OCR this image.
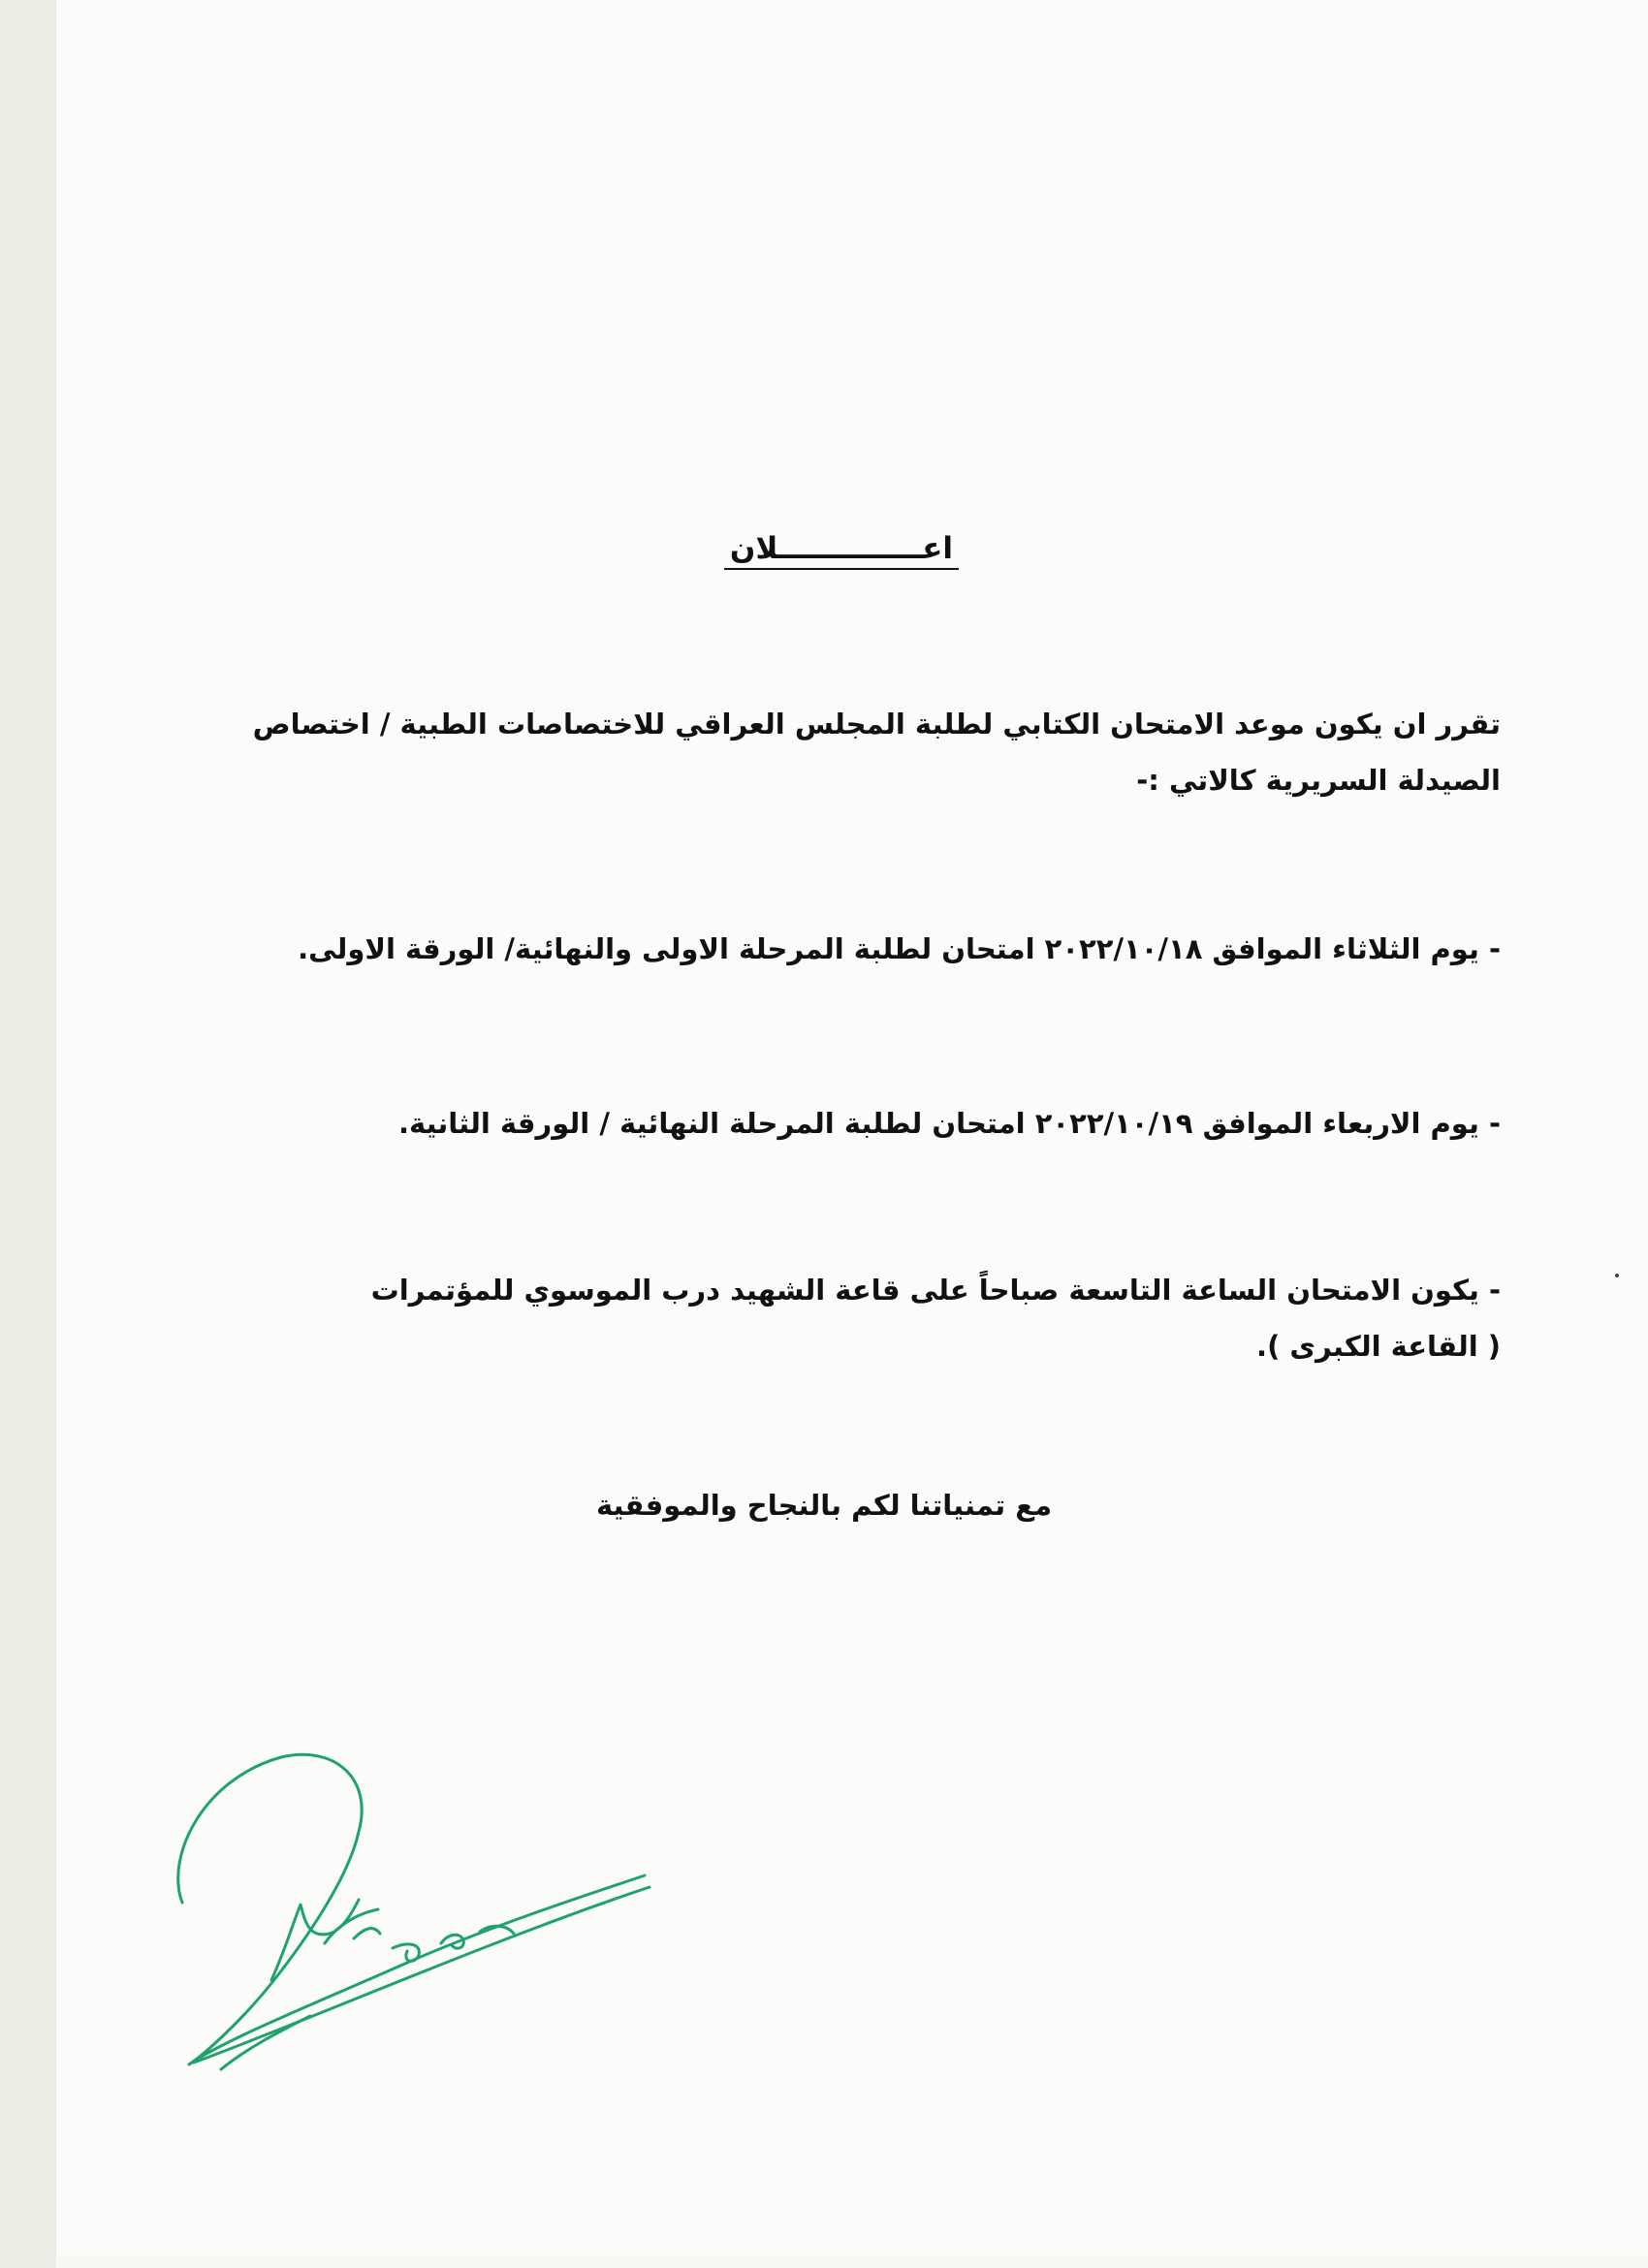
اعــــــــــــــلان
تقرر ان يكون موعد الامتحان الكتابي لطلبة المجلس العراقي للاختصاصات الطبية / اختصاص الصيدلة السريرية كالاتي :-
- يوم الثلاثاء الموافق ٢٠٢٢/١٠/١٨ امتحان لطلبة المرحلة الاولى والنهائية/ الورقة الاولى.
- يوم الاربعاء الموافق ٢٠٢٢/١٠/١٩ امتحان لطلبة المرحلة النهائية / الورقة الثانية.
- يكون الامتحان الساعة التاسعة صباحاً على قاعة الشهيد درب الموسوي للمؤتمرات ( القاعة الكبرى ).
مع تمنياتنا لكم بالنجاح والموفقية
